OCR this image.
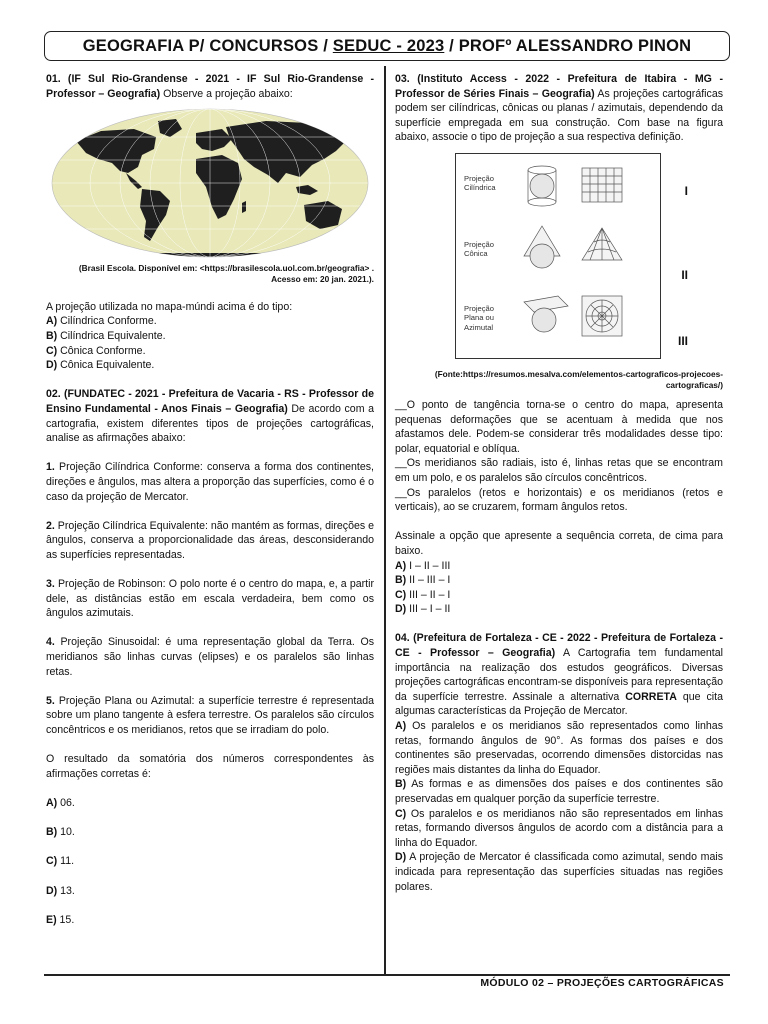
GEOGRAFIA P/ CONCURSOS /
SEDUC - 2023
/ PROFº ALESSANDRO PINON

01. (IF Sul Rio-Grandense - 2021 - IF Sul Rio-Grandense - Professor – Geografia) Observe a projeção abaixo:

(Brasil Escola. Disponível em: <https://brasilescola.uol.com.br/geografia> .
Acesso em: 20 jan. 2021.).

A projeção utilizada no mapa-múndi acima é do tipo:

A) Cilíndrica Conforme.

B) Cilíndrica Equivalente.

C) Cônica Conforme.

D) Cônica Equivalente.

02. (FUNDATEC - 2021 - Prefeitura de Vacaria - RS - Professor de Ensino Fundamental - Anos Finais – Geografia) De acordo com a cartografia, existem diferentes tipos de projeções cartográficas, analise as afirmações abaixo:

1. Projeção Cilíndrica Conforme: conserva a forma dos continentes, direções e ângulos, mas altera a proporção das superfícies, como é o caso da projeção de Mercator.

2. Projeção Cilíndrica Equivalente: não mantém as formas, direções e ângulos, conserva a proporcionalidade das áreas, desconsiderando as superfícies representadas.

3. Projeção de Robinson: O polo norte é o centro do mapa, e, a partir dele, as distâncias estão em escala verdadeira, bem como os ângulos azimutais.

4. Projeção Sinusoidal: é uma representação global da Terra. Os meridianos são linhas curvas (elipses) e os paralelos são linhas retas.

5. Projeção Plana ou Azimutal: a superfície terrestre é representada sobre um plano tangente à esfera terrestre. Os paralelos são círculos concêntricos e os meridianos, retos que se irradiam do polo.

O resultado da somatória dos números correspondentes às afirmações corretas é:

A) 06.

B) 10.

C) 11.

D) 13.

E) 15.

03. (Instituto Access - 2022 - Prefeitura de Itabira - MG - Professor de Séries Finais – Geografia) As projeções cartográficas podem ser cilíndricas, cônicas ou planas / azimutais, dependendo da superfície empregada em sua construção. Com base na figura abaixo, associe o tipo de projeção a sua respectiva definição.

Projeção
Cilíndrica
Projeção
Cônica
Projeção
Plana ou
Azimutal
I
II
III
(Fonte:https://resumos.mesalva.com/elementos-cartograficos-projecoes-
cartograficas/)

__O ponto de tangência torna-se o centro do mapa, apresenta pequenas deformações que se acentuam à medida que nos afastamos dele. Podem-se considerar três modalidades desse tipo: polar, equatorial e oblíqua.

__Os meridianos são radiais, isto é, linhas retas que se encontram em um polo, e os paralelos são círculos concêntricos.

__Os paralelos (retos e horizontais) e os meridianos (retos e verticais), ao se cruzarem, formam ângulos retos.

Assinale a opção que apresente a sequência correta, de cima para baixo.

A) I – II – III

B) II – III – I

C) III – II – I

D) III – I – II

04. (Prefeitura de Fortaleza - CE - 2022 - Prefeitura de Fortaleza - CE - Professor – Geografia) A Cartografia tem fundamental importância na realização dos estudos geográficos. Diversas projeções cartográficas encontram-se disponíveis para representação da superfície terrestre. Assinale a alternativa CORRETA que cita algumas características da Projeção de Mercator.

A) Os paralelos e os meridianos são representados como linhas retas, formando ângulos de 90°. As formas dos países e dos continentes são preservadas, ocorrendo dimensões distorcidas nas regiões mais distantes da linha do Equador.

B) As formas e as dimensões dos países e dos continentes são preservadas em qualquer porção da superfície terrestre.

C) Os paralelos e os meridianos não são representados em linhas retas, formando diversos ângulos de acordo com a distância para a linha do Equador.

D) A projeção de Mercator é classificada como azimutal, sendo mais indicada para representação das superfícies situadas nas regiões polares.

MÓDULO 02 – PROJEÇÕES CARTOGRÁFICAS
